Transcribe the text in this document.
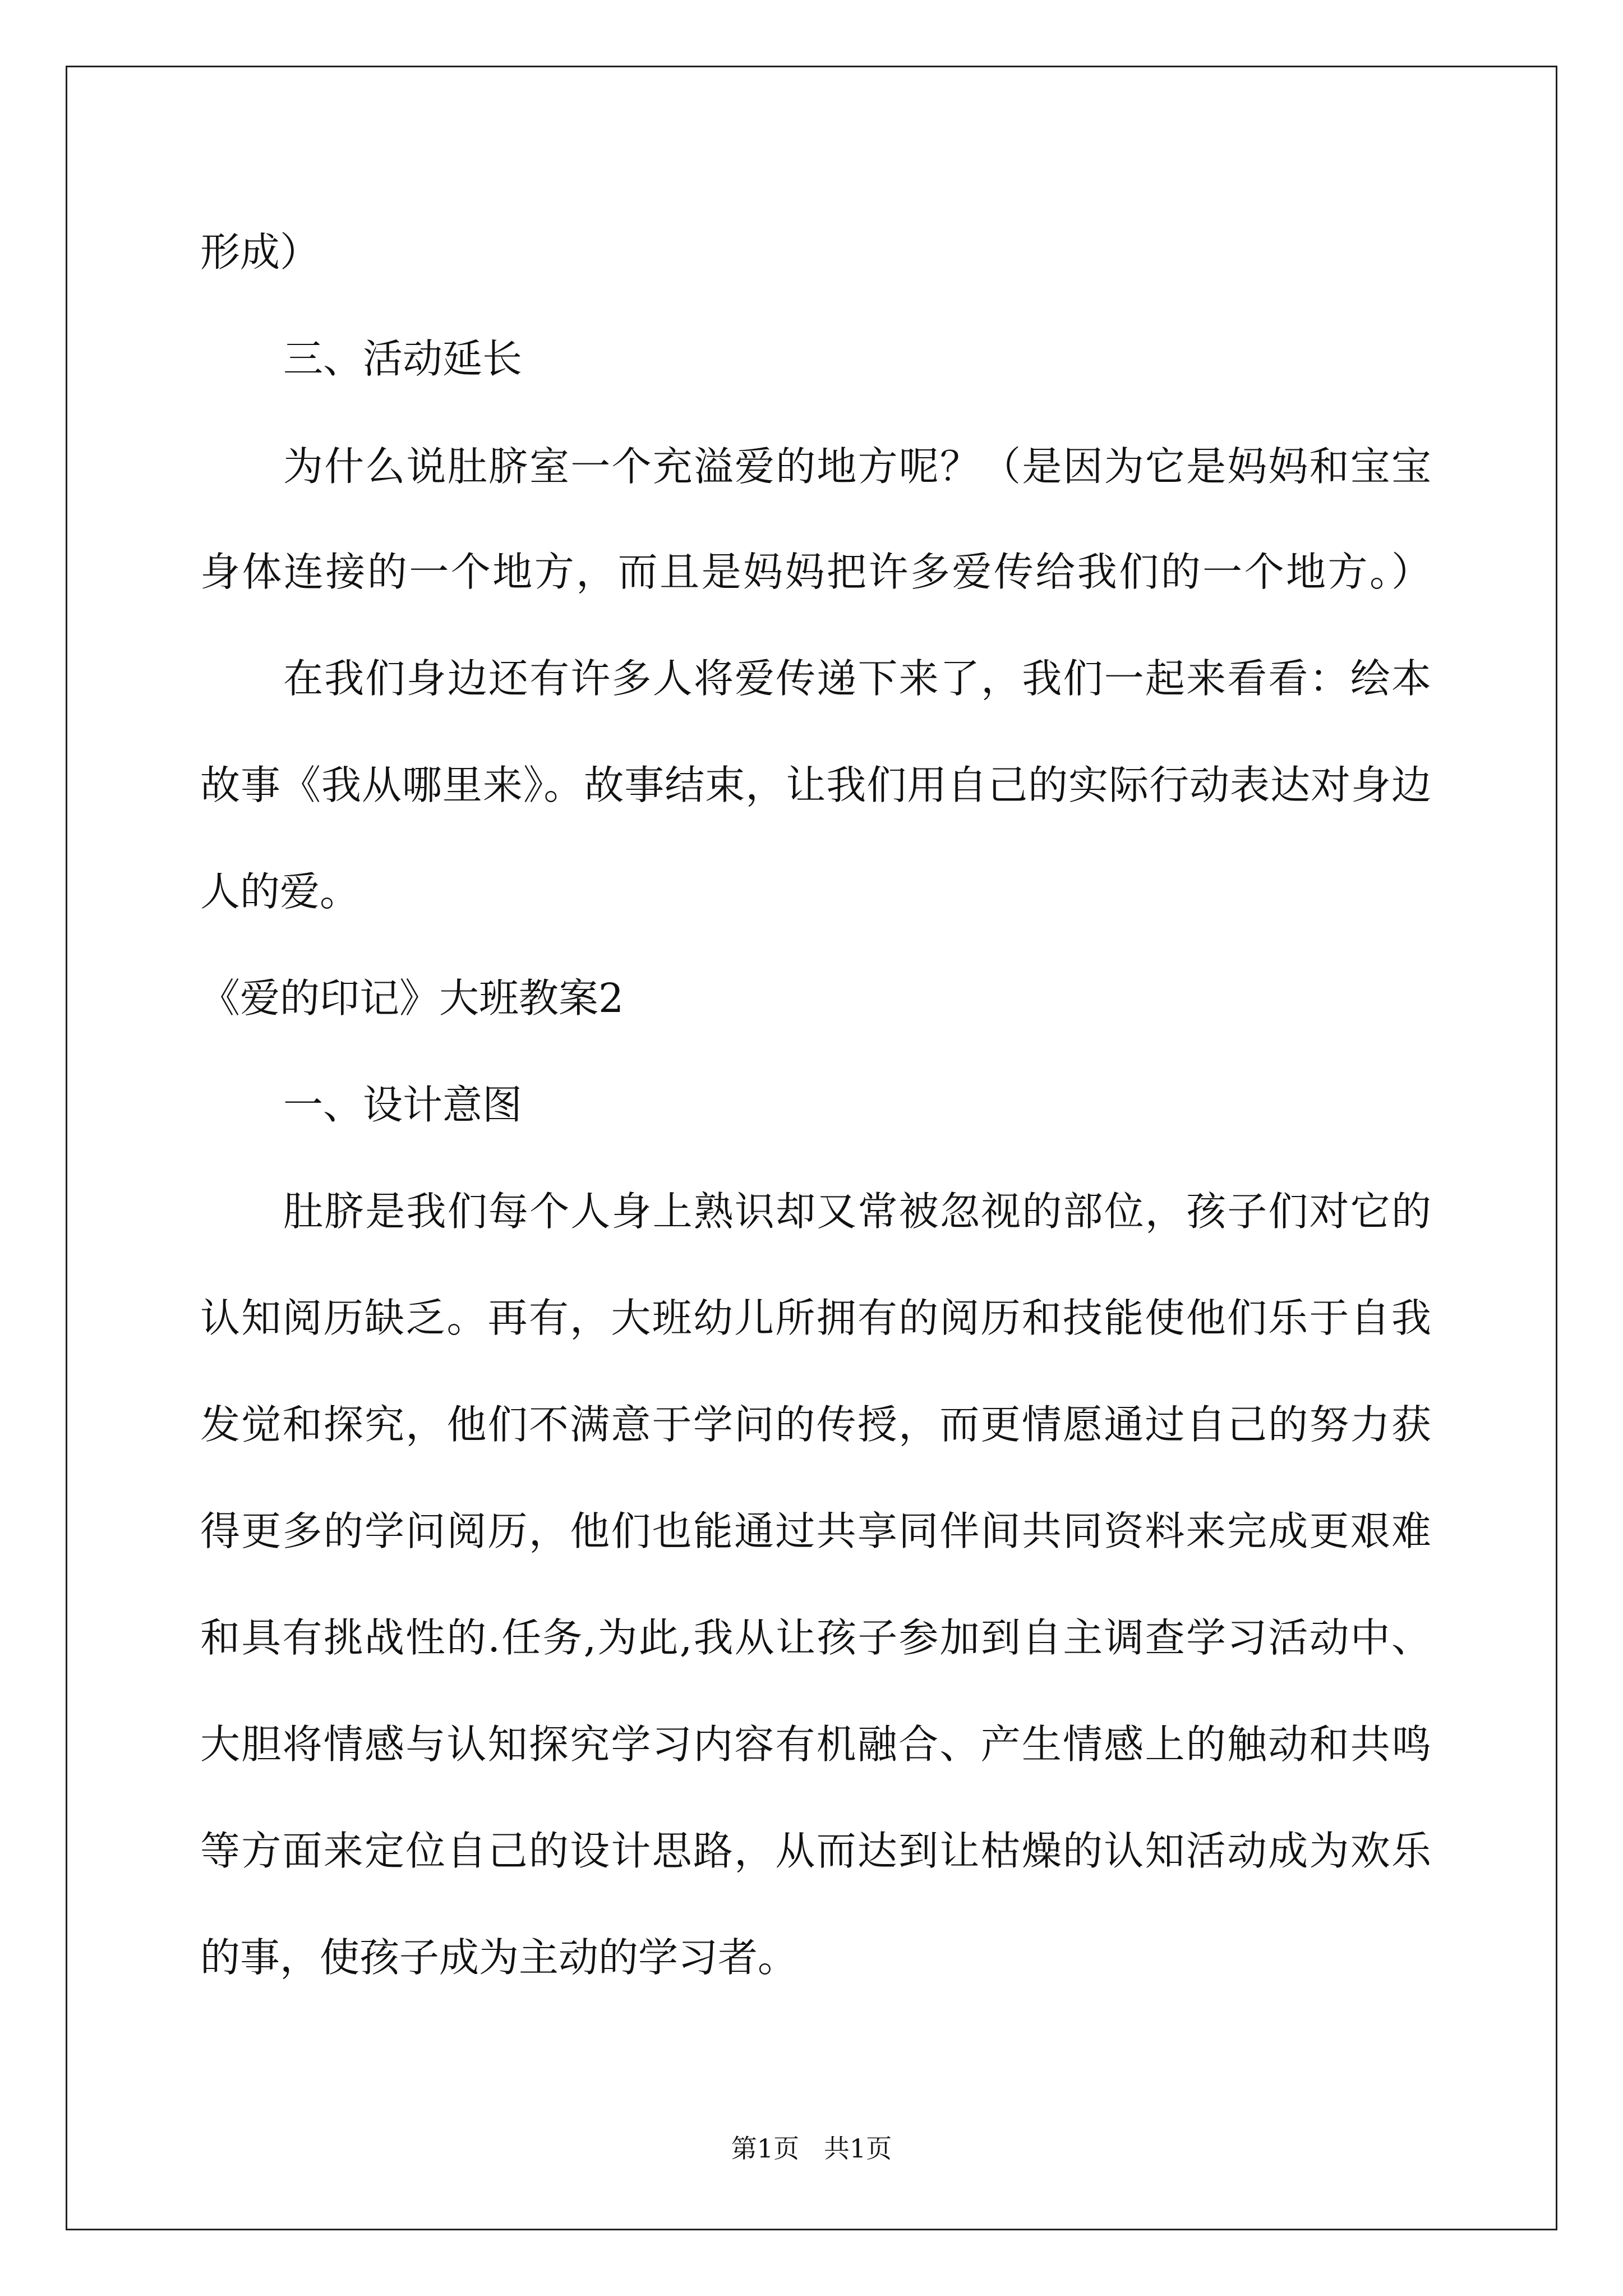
形成）
三、活动延长
为什么说肚脐室一个充溢爱的地方呢？（是因为它是妈妈和宝宝
身体连接的一个地方，而且是妈妈把许多爱传给我们的一个地方。）
在我们身边还有许多人将爱传递下来了，我们一起来看看：绘本
故事《我从哪里来》。故事结束，让我们用自己的实际行动表达对身边
人的爱。
《爱的印记》大班教案2
一、设计意图
肚脐是我们每个人身上熟识却又常被忽视的部位，孩子们对它的
认知阅历缺乏。再有，大班幼儿所拥有的阅历和技能使他们乐于自我
发觉和探究，他们不满意于学问的传授，而更情愿通过自己的努力获
得更多的学问阅历，他们也能通过共享同伴间共同资料来完成更艰难
和具有挑战性的.任务,为此,我从让孩子参加到自主调查学习活动中、
大胆将情感与认知探究学习内容有机融合、产生情感上的触动和共鸣
等方面来定位自己的设计思路，从而达到让枯燥的认知活动成为欢乐
的事，使孩子成为主动的学习者。
第1页   共1页
